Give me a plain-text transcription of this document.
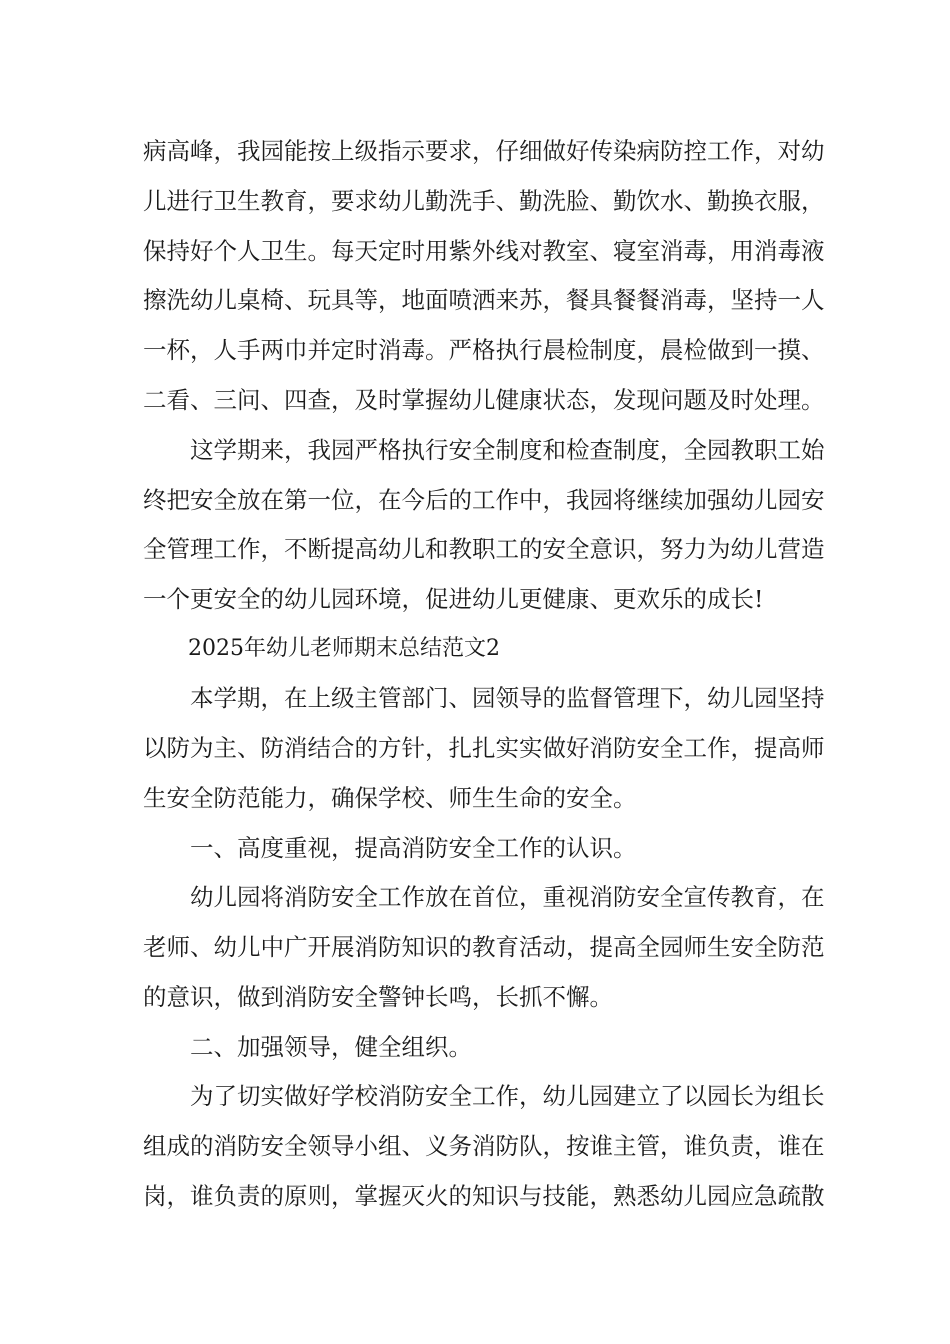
病高峰，我园能按上级指示要求，仔细做好传染病防控工作，对幼
儿进行卫生教育，要求幼儿勤洗手、勤洗脸、勤饮水、勤换衣服，
保持好个人卫生。每天定时用紫外线对教室、寝室消毒，用消毒液
擦洗幼儿桌椅、玩具等，地面喷洒来苏，餐具餐餐消毒，坚持一人
一杯，人手两巾并定时消毒。严格执行晨检制度，晨检做到一摸、
二看、三问、四查，及时掌握幼儿健康状态，发现问题及时处理。
这学期来，我园严格执行安全制度和检查制度，全园教职工始
终把安全放在第一位，在今后的工作中，我园将继续加强幼儿园安
全管理工作，不断提高幼儿和教职工的安全意识，努力为幼儿营造
一个更安全的幼儿园环境，促进幼儿更健康、更欢乐的成长!
2025年幼儿老师期末总结范文2
本学期，在上级主管部门、园领导的监督管理下，幼儿园坚持
以防为主、防消结合的方针，扎扎实实做好消防安全工作，提高师
生安全防范能力，确保学校、师生生命的安全。
一、高度重视，提高消防安全工作的认识。
幼儿园将消防安全工作放在首位，重视消防安全宣传教育，在
老师、幼儿中广开展消防知识的教育活动，提高全园师生安全防范
的意识，做到消防安全警钟长鸣，长抓不懈。
二、加强领导，健全组织。
为了切实做好学校消防安全工作，幼儿园建立了以园长为组长
组成的消防安全领导小组、义务消防队，按谁主管，谁负责，谁在
岗，谁负责的原则，掌握灭火的知识与技能，熟悉幼儿园应急疏散
